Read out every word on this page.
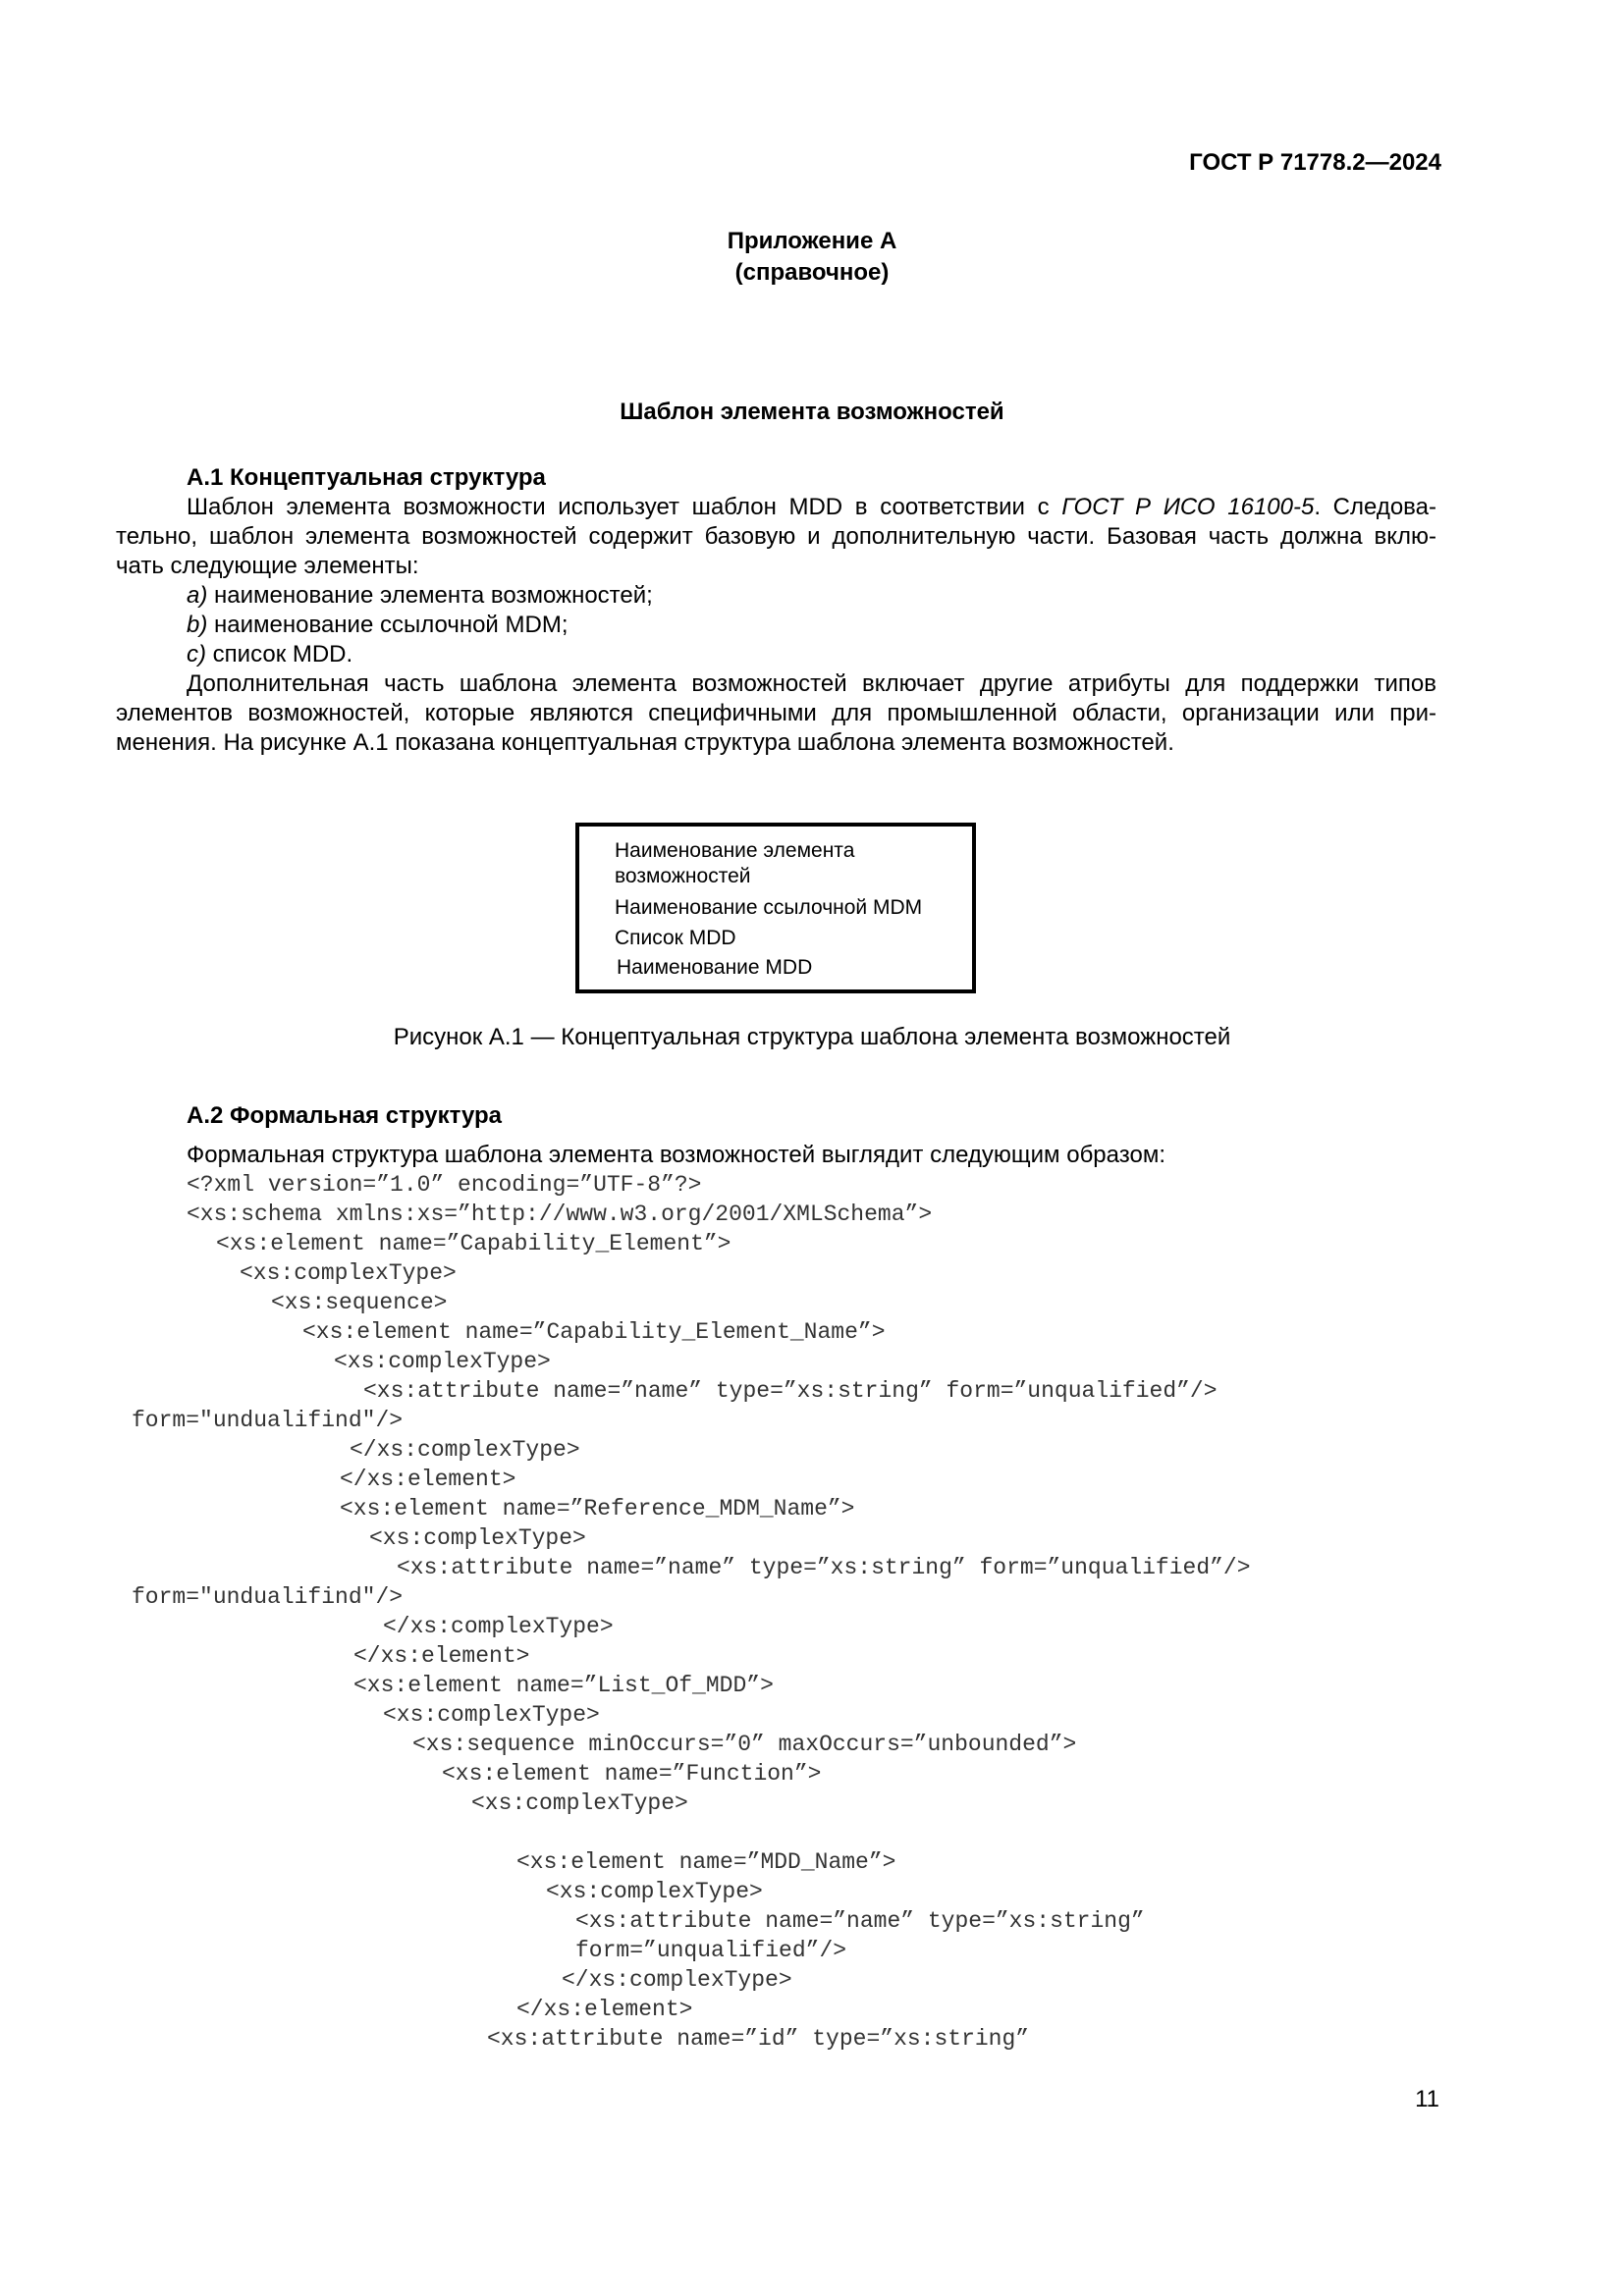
ГОСТ Р 71778.2—2024
Приложение А
(справочное)
Шаблон элемента возможностей
А.1 Концептуальная структура
Шаблон элемента возможности использует шаблон MDD в соответствии с ГОСТ Р ИСО 16100-5. Следова-
тельно, шаблон элемента возможностей содержит базовую и дополнительную части. Базовая часть должна вклю-
чать следующие элементы:
a) наименование элемента возможностей;
b) наименование ссылочной MDM;
c) список MDD.
Дополнительная часть шаблона элемента возможностей включает другие атрибуты для поддержки типов
элементов возможностей, которые являются специфичными для промышленной области, организации или при-
менения. На рисунке А.1 показана концептуальная структура шаблона элемента возможностей.
Наименование элемента
возможностей
Наименование ссылочной MDM
Список MDD
Наименование MDD
Рисунок А.1 — Концептуальная структура шаблона элемента возможностей
А.2 Формальная структура
Формальная структура шаблона элемента возможностей выглядит следующим образом:
<?xml version=”1.0” encoding=”UTF-8”?>
<xs:schema xmlns:xs=”http://www.w3.org/2001/XMLSchema”>
<xs:element name=”Capability_Element”>
<xs:complexType>
<xs:sequence>
<xs:element name=”Capability_Element_Name”>
<xs:complexType>
<xs:attribute name=”name” type=”xs:string” form=”unqualified”/>
form="undualifind"/>
</xs:complexType>
</xs:element>
<xs:element name=”Reference_MDM_Name”>
<xs:complexType>
<xs:attribute name=”name” type=”xs:string” form=”unqualified”/>
form="undualifind"/>
</xs:complexType>
</xs:element>
<xs:element name=”List_Of_MDD”>
<xs:complexType>
<xs:sequence minOccurs=”0” maxOccurs=”unbounded”>
<xs:element name=”Function”>
<xs:complexType>
<xs:element name=”MDD_Name”>
<xs:complexType>
<xs:attribute name=”name” type=”xs:string”
form=”unqualified”/>
</xs:complexType>
</xs:element>
<xs:attribute name=”id” type=”xs:string”
11
